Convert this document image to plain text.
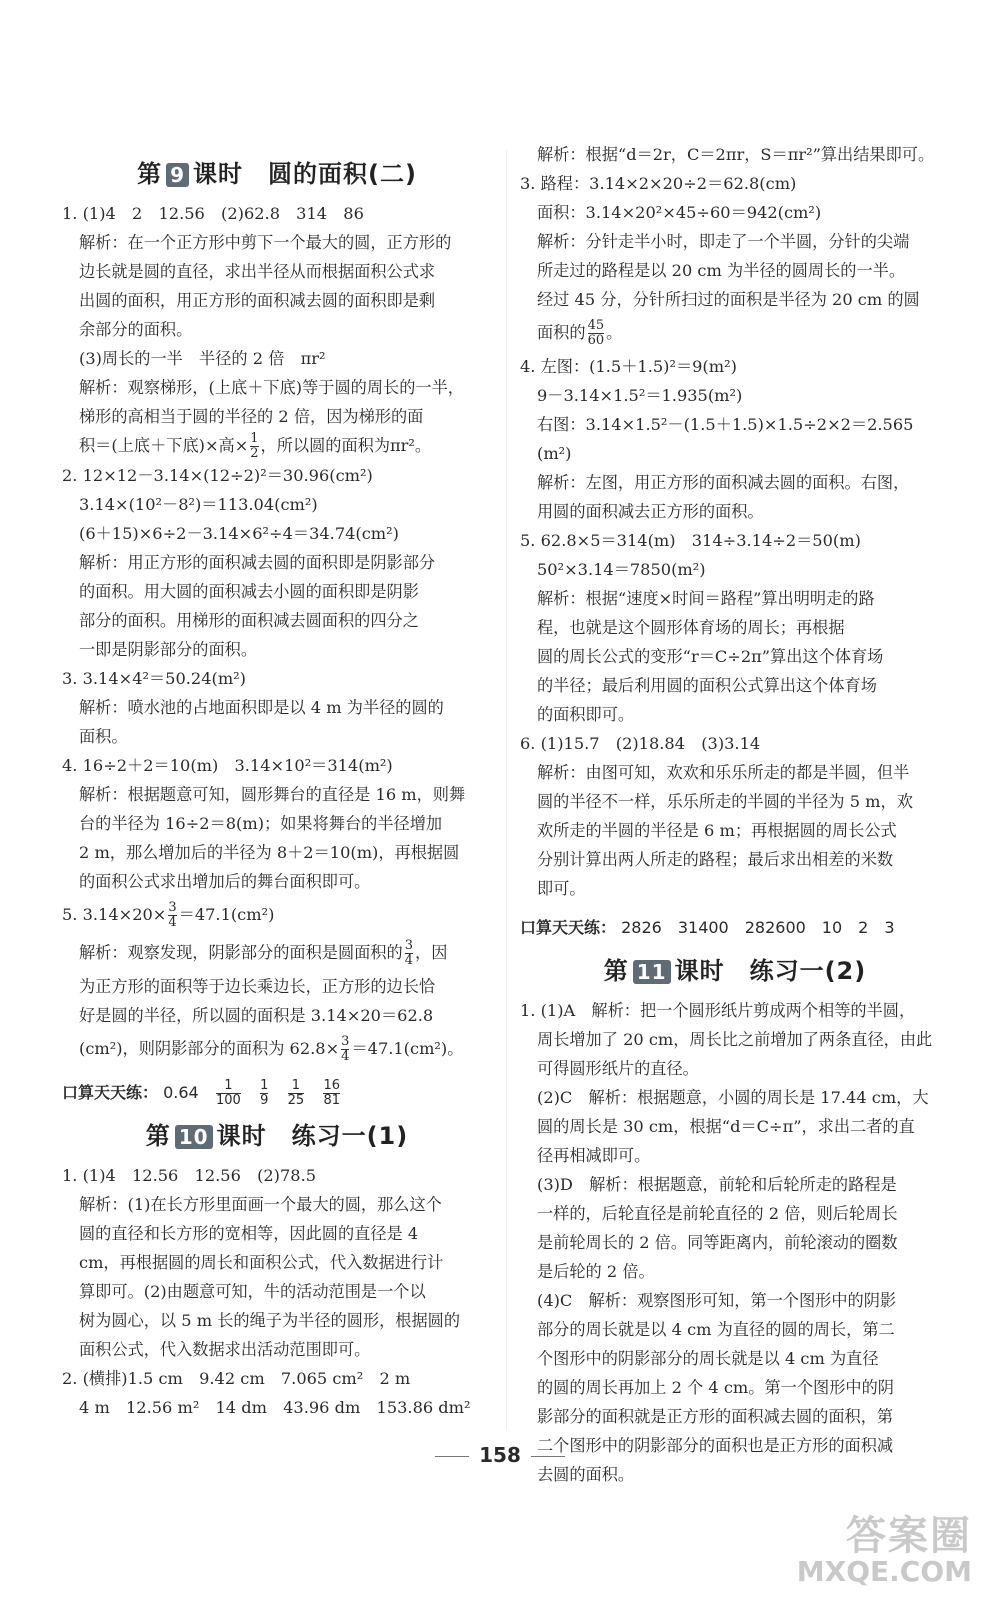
第 9 课时　圆的面积(二)
1. (1)4　2　12.56　(2)62.8　314　86
解析：在一个正方形中剪下一个最大的圆，正方形的
边长就是圆的直径，求出半径从而根据面积公式求
出圆的面积，用正方形的面积减去圆的面积即是剩
余部分的面积。
(3)周长的一半　半径的 2 倍　πr²
解析：观察梯形，(上底＋下底)等于圆的周长的一半，
梯形的高相当于圆的半径的 2 倍，因为梯形的面
积＝(上底＋下底)×高× $\frac{1}{2}$ ，所以圆的面积为πr²。
2. 12×12－3.14×(12÷2)²＝30.96(cm²)
3.14×(10²－8²)＝113.04(cm²)
(6＋15)×6÷2－3.14×6²÷4＝34.74(cm²)
解析：用正方形的面积减去圆的面积即是阴影部分
的面积。用大圆的面积减去小圆的面积即是阴影
部分的面积。用梯形的面积减去圆面积的四分之
一即是阴影部分的面积。
3. 3.14×4²＝50.24(m²)
解析：喷水池的占地面积即是以 4 m 为半径的圆的
面积。
4. 16÷2＋2＝10(m)　3.14×10²＝314(m²)
解析：根据题意可知，圆形舞台的直径是 16 m，则舞
台的半径为 16÷2＝8(m)；如果将舞台的半径增加
2 m，那么增加后的半径为 8＋2＝10(m)，再根据圆
的面积公式求出增加后的舞台面积即可。
5. $3.14\times 20\times \frac{3}{4} =47.1(cm^2)$
解析：观察发现，阴影部分的面积是圆面积的 $\frac{3}{4}$ ，因
为正方形的面积等于边长乘边长，正方形的边长恰
好是圆的半径，所以圆的面积是 3.14×20＝62.8
(cm²)，则阴影部分的面积为 $62.8\times \frac{3}{4} =47.1(cm^2)$。
口算天天练： $0.64 \frac{1}{100}$
$\frac{1}{9}$
$\frac{1}{25}$
$\frac{16}{81}$
第 10 课时　练习一(1)
1. (1)4　12.56　12.56　(2)78.5
解析：(1)在长方形里面画一个最大的圆，那么这个
圆的直径和长方形的宽相等，因此圆的直径是 4
cm，再根据圆的周长和面积公式，代入数据进行计
算即可。(2)由题意可知，牛的活动范围是一个以
树为圆心，以 5 m 长的绳子为半径的圆形，根据圆的
面积公式，代入数据求出活动范围即可。
2. (横排)1.5 cm　9.42 cm　7.065 cm²　2 m
4 m　12.56 m²　14 dm　43.96 dm　153.86 dm²
解析：根据“d＝2r，C＝2πr，S＝πr²”算出结果即可。
3. 路程：3.14×2×20÷2＝62.8(cm)
面积：3.14×20²×45÷60＝942(cm²)
解析：分针走半小时，即走了一个半圆，分针的尖端
所走过的路程是以 20 cm 为半径的圆周长的一半。
经过 45 分，分针所扫过的面积是半径为 20 cm 的圆
面积的 $\frac{45}{60}$ 。
4. 左图：(1.5＋1.5)²＝9(m²)
9－3.14×1.5²＝1.935(m²)
右图：3.14×1.5²－(1.5＋1.5)×1.5÷2×2＝2.565
(m²)
解析：左图，用正方形的面积减去圆的面积。右图，
用圆的面积减去正方形的面积。
5. 62.8×5＝314(m)　314÷3.14÷2＝50(m)
50²×3.14＝7850(m²)
解析：根据“速度×时间＝路程”算出明明走的路
程，也就是这个圆形体育场的周长；再根据
圆的周长公式的变形“r＝C÷2π”算出这个体育场
的半径；最后利用圆的面积公式算出这个体育场
的面积即可。
6. (1)15.7　(2)18.84　(3)3.14
解析：由图可知，欢欢和乐乐所走的都是半圆，但半
圆的半径不一样，乐乐所走的半圆的半径为 5 m，欢
欢所走的半圆的半径是 6 m；再根据圆的周长公式
分别计算出两人所走的路程；最后求出相差的米数
即可。
口算天天练： 2826　31400　282600　10　2　3
第 11 课时　练习一(2)
1. (1)A　解析：把一个圆形纸片剪成两个相等的半圆，
周长增加了 20 cm，周长比之前增加了两条直径，由此
可得圆形纸片的直径。
(2)C　解析：根据题意，小圆的周长是 17.44 cm，大
圆的周长是 30 cm，根据“d＝C÷π”，求出二者的直
径再相减即可。
(3)D　解析：根据题意，前轮和后轮所走的路程是
一样的，后轮直径是前轮直径的 2 倍，则后轮周长
是前轮周长的 2 倍。同等距离内，前轮滚动的圈数
是后轮的 2 倍。
(4)C　解析：观察图形可知，第一个图形中的阴影
部分的周长就是以 4 cm 为直径的圆的周长，第二
个图形中的阴影部分的周长就是以 4 cm 为直径
的圆的周长再加上 2 个 4 cm。第一个图形中的阴
影部分的面积就是正方形的面积减去圆的面积，第
二个图形中的阴影部分的面积也是正方形的面积减
去圆的面积。
158
答案圈
MXQE.COM
